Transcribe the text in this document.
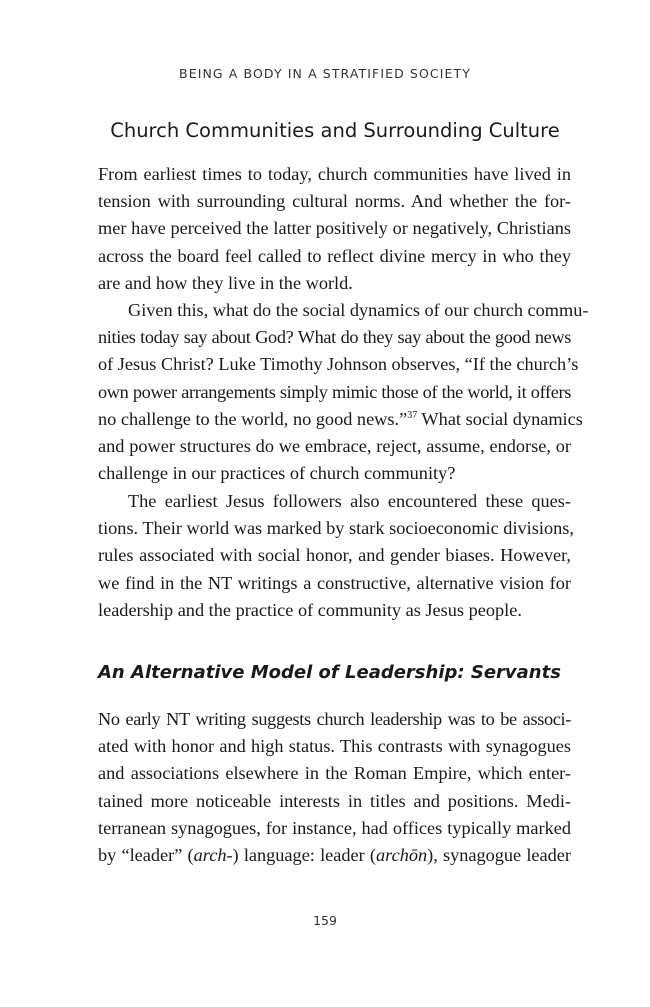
BEING A BODY IN A STRATIFIED SOCIETY
Church Communities and Surrounding Culture
From earliest times to today, church communities have lived in
tension with surrounding cultural norms. And whether the for-
mer have perceived the latter positively or negatively, Christians
across the board feel called to reflect divine mercy in who they
are and how they live in the world.
Given this, what do the social dynamics of our church commu-
nities today say about God? What do they say about the good news
of Jesus Christ? Luke Timothy Johnson observes, “If the church’s
own power arrangements simply mimic those of the world, it offers
no challenge to the world, no good news.”$^{37}$ What social dynamics
and power structures do we embrace, reject, assume, endorse, or
challenge in our practices of church community?
The earliest Jesus followers also encountered these ques-
tions. Their world was marked by stark socioeconomic divisions,
rules associated with social honor, and gender biases. However,
we find in the NT writings a constructive, alternative vision for
leadership and the practice of community as Jesus people.
An Alternative Model of Leadership: Servants
No early NT writing suggests church leadership was to be associ-
ated with honor and high status. This contrasts with synagogues
and associations elsewhere in the Roman Empire, which enter-
tained more noticeable interests in titles and positions. Medi-
terranean synagogues, for instance, had offices typically marked
by “leader” (arch-) language: leader (archōn), synagogue leader
159
